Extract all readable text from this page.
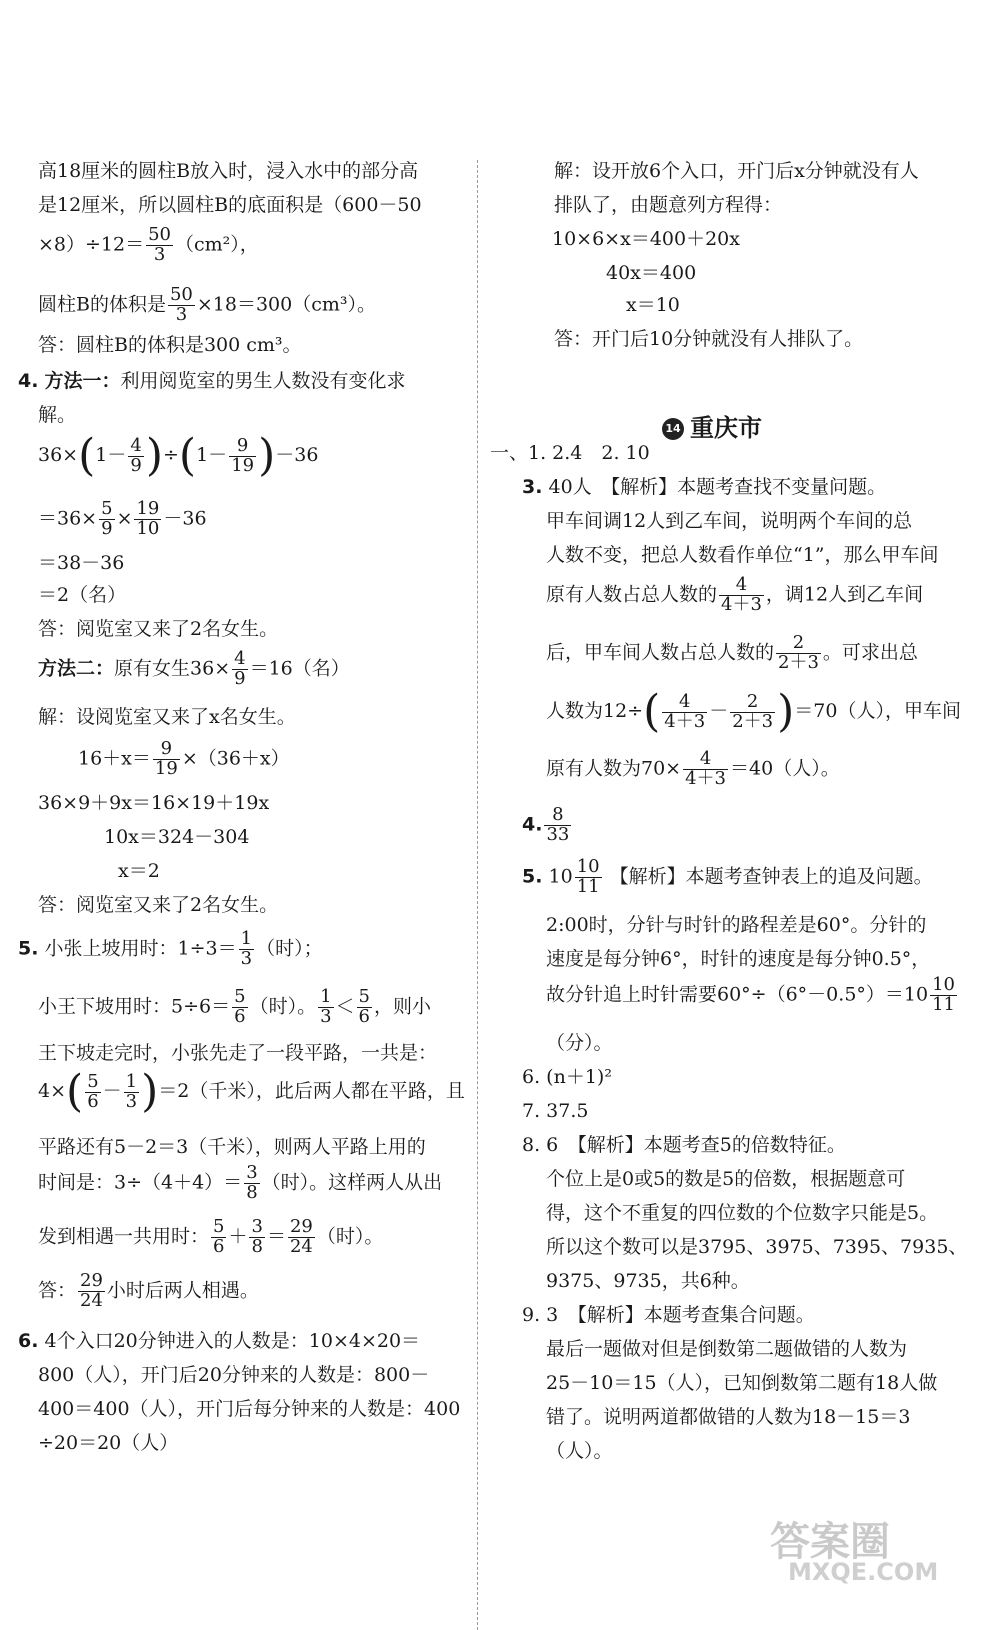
高18厘米的圆柱B放入时，浸入水中的部分高
是12厘米，所以圆柱B的底面积是（600－50
$\times 8)\div 12= \frac{50}{3} (cm^2)$，
圆柱B的体积是 $\frac{50}{3} \times 18=300(cm^3)$。
答：圆柱B的体积是300 cm³。
4. 方法一：利用阅览室的男生人数没有变化求
解。
$36\times(1- \frac{4}{9} )\div(1- \frac{9}{19} )-36$
$=36\times \frac{5}{9} \times \frac{19}{10} -36$
＝38－36
＝2（名）
答：阅览室又来了2名女生。
方法二：原有女生$36\times \frac{4}{9} =16$（名）
解：设阅览室又来了x名女生。
$16+x= \frac{9}{19} \times(36+x)$
36×9＋9x＝16×19＋19x
10x＝324－304
x＝2
答：阅览室又来了2名女生。
5. 小张上坡用时：$1\div 3= \frac{1}{3}$ （时）；
小王下坡用时：$5\div 6= \frac{5}{6}$ （时）。 $\frac{1}{3} < \frac{5}{6}$ ，则小
王下坡走完时，小张先走了一段平路，一共是：
$4\times( \frac{5}{6} - \frac{1}{3} )=2$（千米），此后两人都在平路，且
平路还有5－2＝3（千米），则两人平路上用的
时间是：$3\div(4+4)= \frac{3}{8}$ （时）。这样两人从出
发到相遇一共用时： $\frac{5}{6} + \frac{3}{8} = \frac{29}{24}$ （时）。
答： $\frac{29}{24}$ 小时后两人相遇。
6. 4个入口20分钟进入的人数是：10×4×20＝
800（人），开门后20分钟来的人数是：800－
400＝400（人），开门后每分钟来的人数是：400
÷20＝20（人）
解：设开放6个入口，开门后x分钟就没有人
排队了，由题意列方程得：
10×6×x＝400＋20x
40x＝400
x＝10
答：开门后10分钟就没有人排队了。
14 重庆市
一、1. 2.4　2. 10
3. 40人　【解析】本题考查找不变量问题。
甲车间调12人到乙车间，说明两个车间的总
人数不变，把总人数看作单位“1”，那么甲车间
原有人数占总人数的 $\frac{4}{4+3}$ ，调12人到乙车间
后，甲车间人数占总人数的 $\frac{2}{2+3}$ 。可求出总
人数为$12\div( \frac{4}{4+3} - \frac{2}{2+3} )=70$（人），甲车间
原有人数为$70\times \frac{4}{4+3} =40$（人）。
4. $\frac{8}{33}$
5. $10 \frac{10}{11}$ 【解析】本题考查钟表上的追及问题。
2:00时，分针与时针的路程差是60°。分针的
速度是每分钟6°，时针的速度是每分钟0.5°，
故分针追上时针需要$60^\circ\div(6^\circ-0.5^\circ)=10 \frac{10}{11}$
（分）。
6. (n＋1)²
7. 37.5
8. 6　【解析】本题考查5的倍数特征。
个位上是0或5的数是5的倍数，根据题意可
得，这个不重复的四位数的个位数字只能是5。
所以这个数可以是3795、3975、7395、7935、
9375、9735，共6种。
9. 3　【解析】本题考查集合问题。
最后一题做对但是倒数第二题做错的人数为
25－10＝15（人），已知倒数第二题有18人做
错了。说明两道都做错的人数为18－15＝3
（人）。
答案圈
MXQE.COM
